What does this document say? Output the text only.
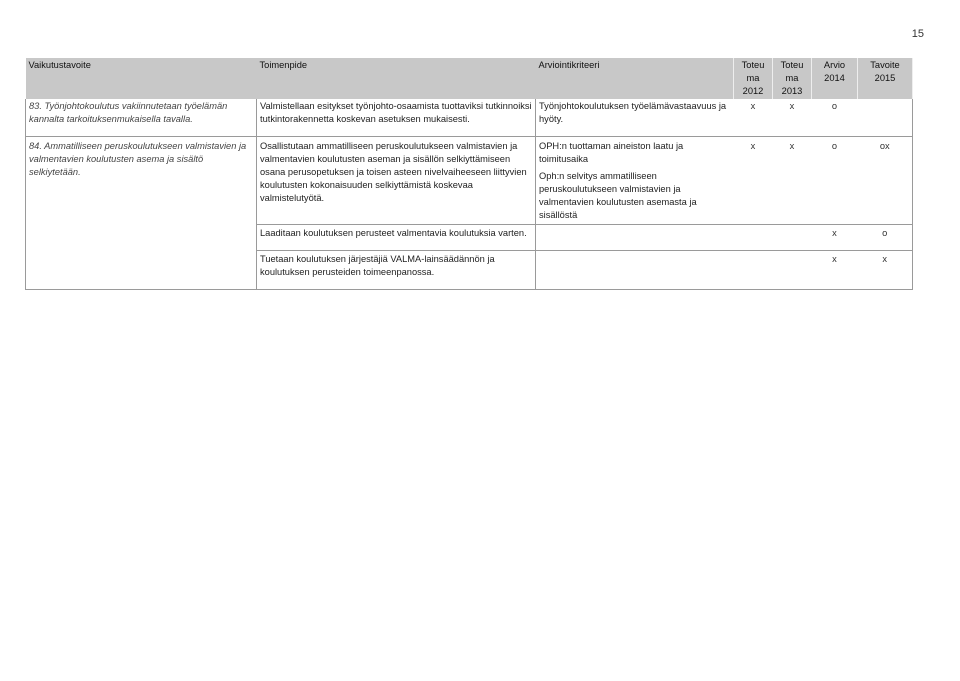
15
Vaikutustavoite	Toimenpide	Arviointikriteeri	Toteu
ma
2012	Toteu
ma
2013	Arvio
2014	Tavoite
2015

83. Työnjohtokoulutus vakiinnutetaan työelämän kannalta tarkoituksenmukaisella tavalla.	Valmistellaan esitykset työnjohto-osaamista tuottaviksi tutkinnoiksi tutkintorakennetta koskevan asetuksen mukaisesti.	Työnjohtokoulutuksen työelämävastaavuus ja hyöty.	x	x	o	

84. Ammatilliseen peruskoulutukseen valmistavien ja valmentavien koulutusten asema ja sisältö selkiytetään.	Osallistutaan ammatilliseen peruskoulutukseen valmistavien ja valmentavien koulutusten aseman ja sisällön selkiyttämiseen osana perusopetuksen ja toisen asteen nivelvaiheeseen liittyvien koulutusten kokonaisuuden selkiyttämistä koskevaa valmistelutyötä.	OPH:n tuottaman aineiston laatu ja toimitusaika
Oph:n selvitys ammatilliseen peruskoulutukseen valmistavien ja valmentavien koulutusten asemasta ja sisällöstä	x	x	o	ox
	Laaditaan koulutuksen perusteet valmentavia koulutuksia varten.				x	o
	Tuetaan koulutuksen järjestäjiä VALMA-lainsäädännön ja koulutuksen perusteiden toimeenpanossa.				x	x
